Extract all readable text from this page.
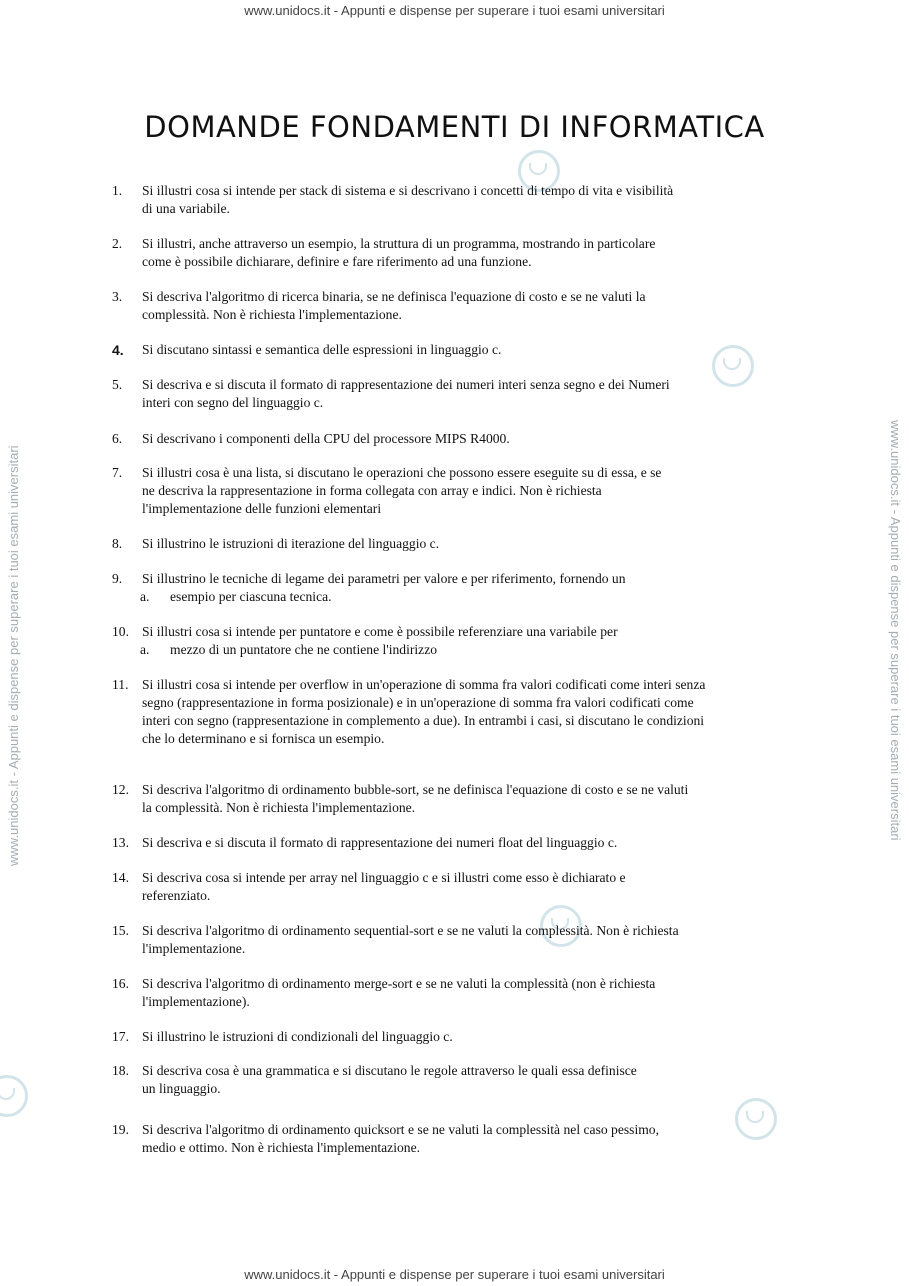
www.unidocs.it - Appunti e dispense per superare i tuoi esami universitari
www.unidocs.it - Appunti e dispense per superare i tuoi esami universitari	www.unidocs.it - Appunti e dispense per superare i tuoi esami universitari
DOMANDE FONDAMENTI DI INFORMATICA
1.	Si illustri cosa si intende per stack di sistema e si descrivano i concetti di tempo di vita e visibilità di una variabile.
2.	Si illustri, anche attraverso un esempio, la struttura di un programma, mostrando in particolare come è possibile dichiarare, definire e fare riferimento ad una funzione.
3.	Si descriva l'algoritmo di ricerca binaria, se ne definisca l'equazione di costo e se ne valuti la complessità. Non è richiesta l'implementazione.
4.	Si discutano sintassi e semantica delle espressioni in linguaggio c.
5.	Si descriva e si discuta il formato di rappresentazione dei numeri interi senza segno e dei Numeri interi con segno del linguaggio c.
6.	Si descrivano i componenti della CPU del processore MIPS R4000.
7.	Si illustri cosa è una lista, si discutano le operazioni che possono essere eseguite su di essa, e se ne descriva la rappresentazione in forma collegata con array e indici. Non è richiesta l'implementazione delle funzioni elementari
8.	Si illustrino le istruzioni di iterazione del linguaggio c.
9.	Si illustrino le tecniche di legame dei parametri per valore e per riferimento, fornendo un
a.	esempio per ciascuna tecnica.
10. Si illustri cosa si intende per puntatore e come è possibile referenziare una variabile per
a.	mezzo di un puntatore che ne contiene l'indirizzo
11. Si illustri cosa si intende per overflow in un'operazione di somma fra valori codificati come interi senza segno (rappresentazione in forma posizionale) e in un'operazione di somma fra valori codificati come interi con segno (rappresentazione in complemento a due). In entrambi i casi, si discutano le condizioni che lo determinano e si fornisca un esempio.
12. Si descriva l'algoritmo di ordinamento bubble-sort, se ne definisca l'equazione di costo e se ne valuti la complessità. Non è richiesta l'implementazione.
13. Si descriva e si discuta il formato di rappresentazione dei numeri float del linguaggio c.
14. Si descriva cosa si intende per array nel linguaggio c e si illustri come esso è dichiarato e referenziato.
15. Si descriva l'algoritmo di ordinamento sequential-sort e se ne valuti la complessità. Non è richiesta l'implementazione.
16. Si descriva l'algoritmo di ordinamento merge-sort e se ne valuti la complessità (non è richiesta l'implementazione).
17. Si illustrino le istruzioni di condizionali del linguaggio c.
18. Si descriva cosa è una grammatica e si discutano le regole attraverso le quali essa definisce un linguaggio.
19. Si descriva l'algoritmo di ordinamento quicksort e se ne valuti la complessità nel caso pessimo, medio e ottimo. Non è richiesta l'implementazione.
www.unidocs.it - Appunti e dispense per superare i tuoi esami universitari
